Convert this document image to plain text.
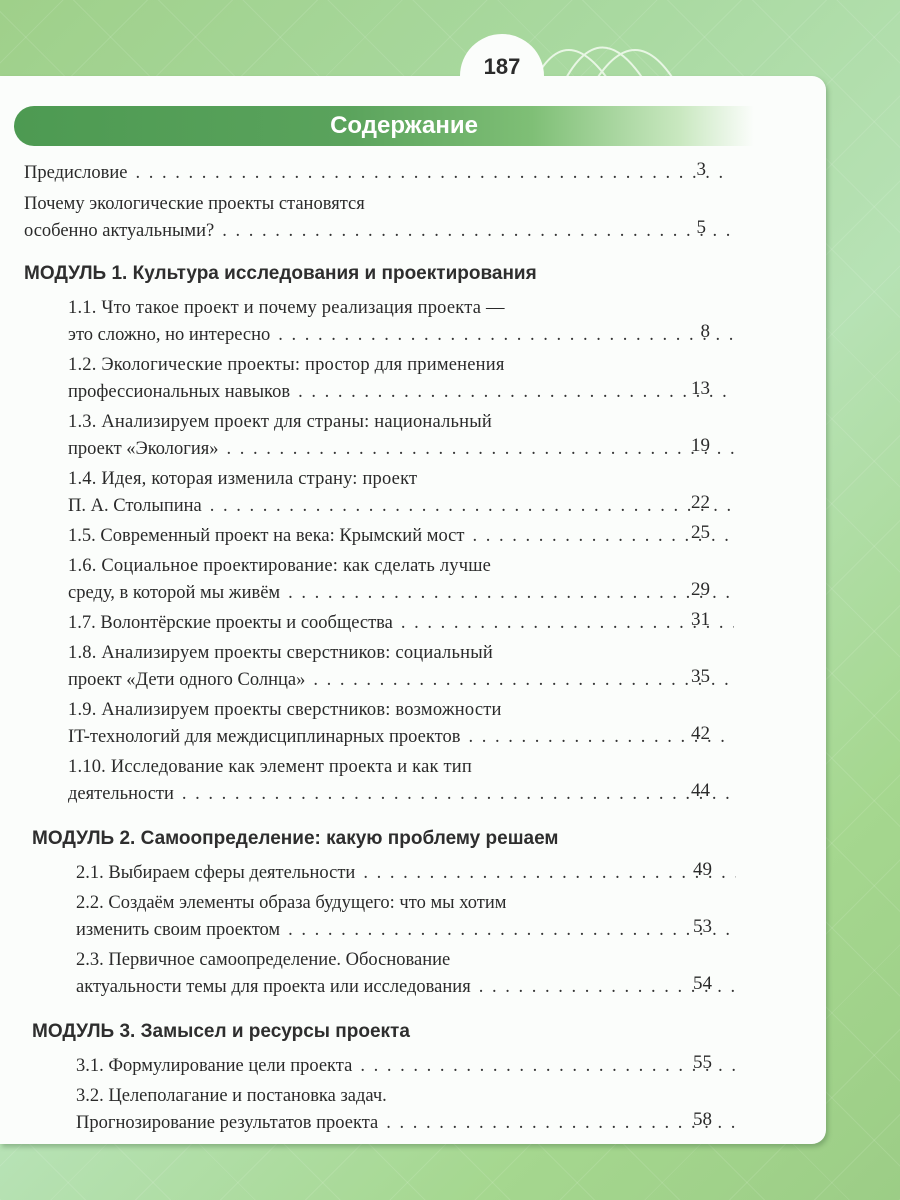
187
Содержание
Предисловие . . .	3
Почему экологические проекты становятся
особенно актуальными? . . .	5
МОДУЛЬ 1. Культура исследования и проектирования
1.1. Что такое проект и почему реализация проекта —
это сложно, но интересно . . .	8
1.2. Экологические проекты: простор для применения
профессиональных навыков . . .	13
1.3. Анализируем проект для страны: национальный
проект «Экология» . . .	19
1.4. Идея, которая изменила страну: проект
П. А. Столыпина . . .	22
1.5. Современный проект на века: Крымский мост . . .	25
1.6. Социальное проектирование: как сделать лучше
среду, в которой мы живём . . .	29
1.7. Волонтёрские проекты и сообщества . . .	31
1.8. Анализируем проекты сверстников: социальный
проект «Дети одного Солнца» . . .	35
1.9. Анализируем проекты сверстников: возможности
IT-технологий для междисциплинарных проектов . . .	42
1.10. Исследование как элемент проекта и как тип
деятельности . . .	44
МОДУЛЬ 2. Самоопределение: какую проблему решаем
2.1. Выбираем сферы деятельности . . .	49
2.2. Создаём элементы образа будущего: что мы хотим
изменить своим проектом . . .	53
2.3. Первичное самоопределение. Обоснование
актуальности темы для проекта или исследования . . .	54
МОДУЛЬ 3. Замысел и ресурсы проекта
3.1. Формулирование цели проекта . . .	55
3.2. Целеполагание и постановка задач.
Прогнозирование результатов проекта . . .	58
